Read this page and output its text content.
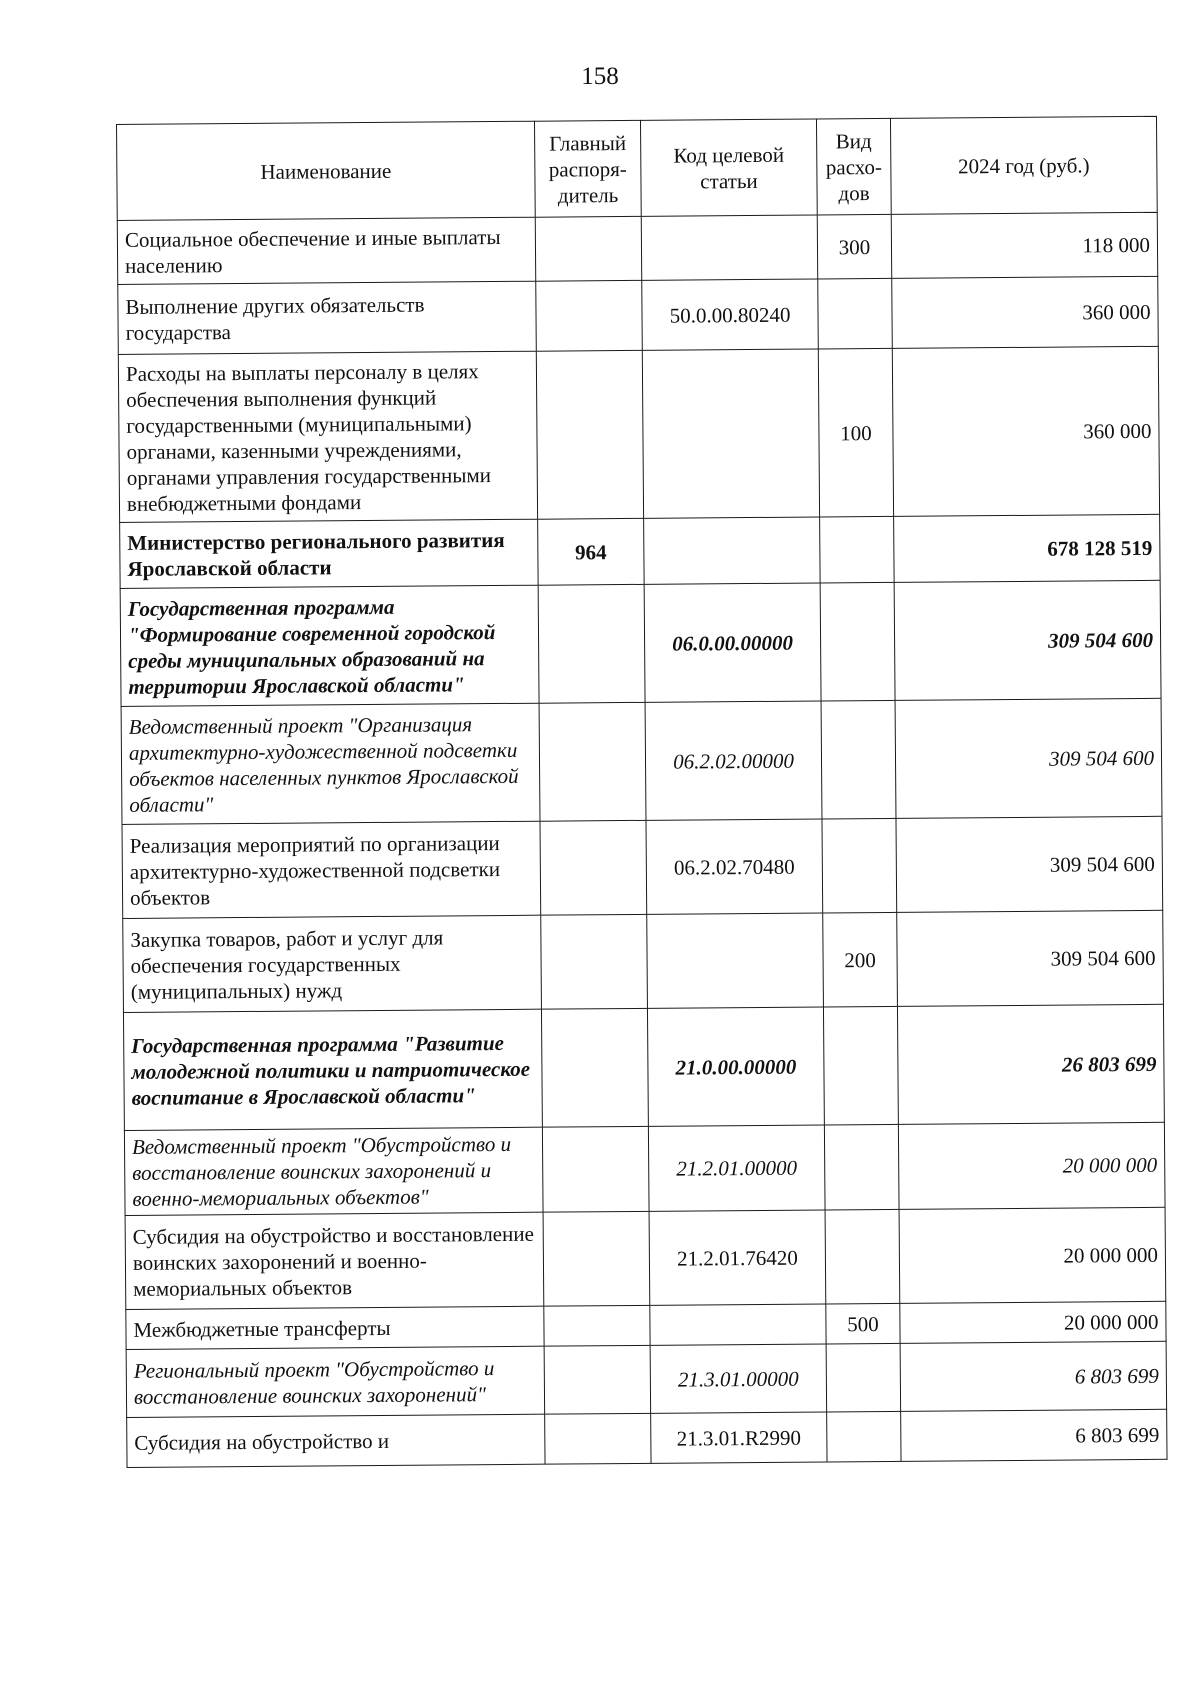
158
Наименование	Главный распоря-дитель	Код целевой статьи	Вид расхо-дов	2024 год (руб.)
Социальное обеспечение и иные выплаты населению			300	118 000
Выполнение других обязательств государства		50.0.00.80240		360 000
Расходы на выплаты персоналу в целях обеспечения выполнения функций государственными (муниципальными) органами, казенными учреждениями, органами управления государственными внебюджетными фондами			100	360 000
Министерство регионального развития Ярославской области	964			678 128 519
Государственная программа "Формирование современной городской среды муниципальных образований на территории Ярославской области"		06.0.00.00000		309 504 600
Ведомственный проект "Организация архитектурно-художественной подсветки объектов населенных пунктов Ярославской области"		06.2.02.00000		309 504 600
Реализация мероприятий по организации архитектурно-художественной подсветки объектов		06.2.02.70480		309 504 600
Закупка товаров, работ и услуг для обеспечения государственных (муниципальных) нужд			200	309 504 600
Государственная программа "Развитие молодежной политики и патриотическое воспитание в Ярославской области"		21.0.00.00000		26 803 699
Ведомственный проект "Обустройство и восстановление воинских захоронений и военно-мемориальных объектов"		21.2.01.00000		20 000 000
Субсидия на обустройство и восстановление воинских захоронений и военно-мемориальных объектов		21.2.01.76420		20 000 000
Межбюджетные трансферты			500	20 000 000
Региональный проект "Обустройство и восстановление воинских захоронений"		21.3.01.00000		6 803 699
Субсидия на обустройство и		21.3.01.R2990		6 803 699
